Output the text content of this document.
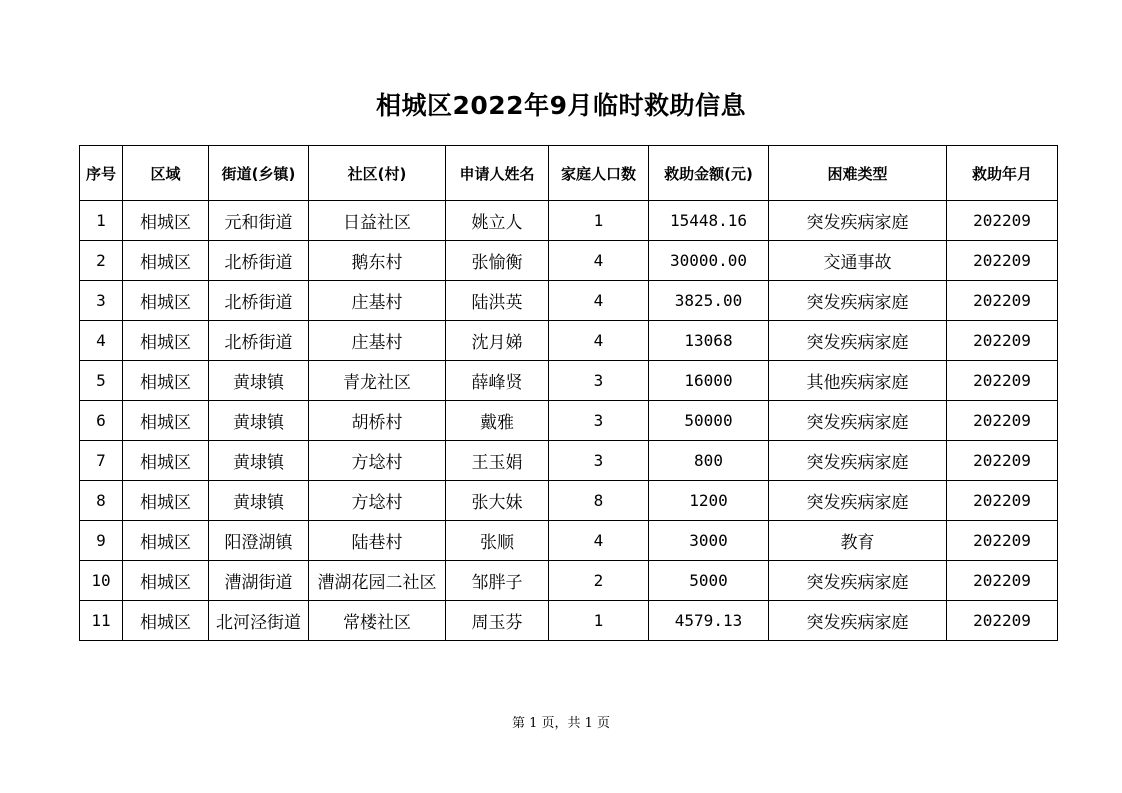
相城区2022年9月临时救助信息
序号	区域	街道(乡镇)	社区(村)	申请人姓名	家庭人口数	救助金额(元)	困难类型	救助年月
1	相城区	元和街道	日益社区	姚立人	1	15448.16	突发疾病家庭	202209
2	相城区	北桥街道	鹅东村	张愉衡	4	30000.00	交通事故	202209
3	相城区	北桥街道	庄基村	陆洪英	4	3825.00	突发疾病家庭	202209
4	相城区	北桥街道	庄基村	沈月娣	4	13068	突发疾病家庭	202209
5	相城区	黄埭镇	青龙社区	薛峰贤	3	16000	其他疾病家庭	202209
6	相城区	黄埭镇	胡桥村	戴雅	3	50000	突发疾病家庭	202209
7	相城区	黄埭镇	方埝村	王玉娟	3	800	突发疾病家庭	202209
8	相城区	黄埭镇	方埝村	张大妹	8	1200	突发疾病家庭	202209
9	相城区	阳澄湖镇	陆巷村	张顺	4	3000	教育	202209
10	相城区	漕湖街道	漕湖花园二社区	邹胖子	2	5000	突发疾病家庭	202209
11	相城区	北河泾街道	常楼社区	周玉芬	1	4579.13	突发疾病家庭	202209
第 1 页，共 1 页
